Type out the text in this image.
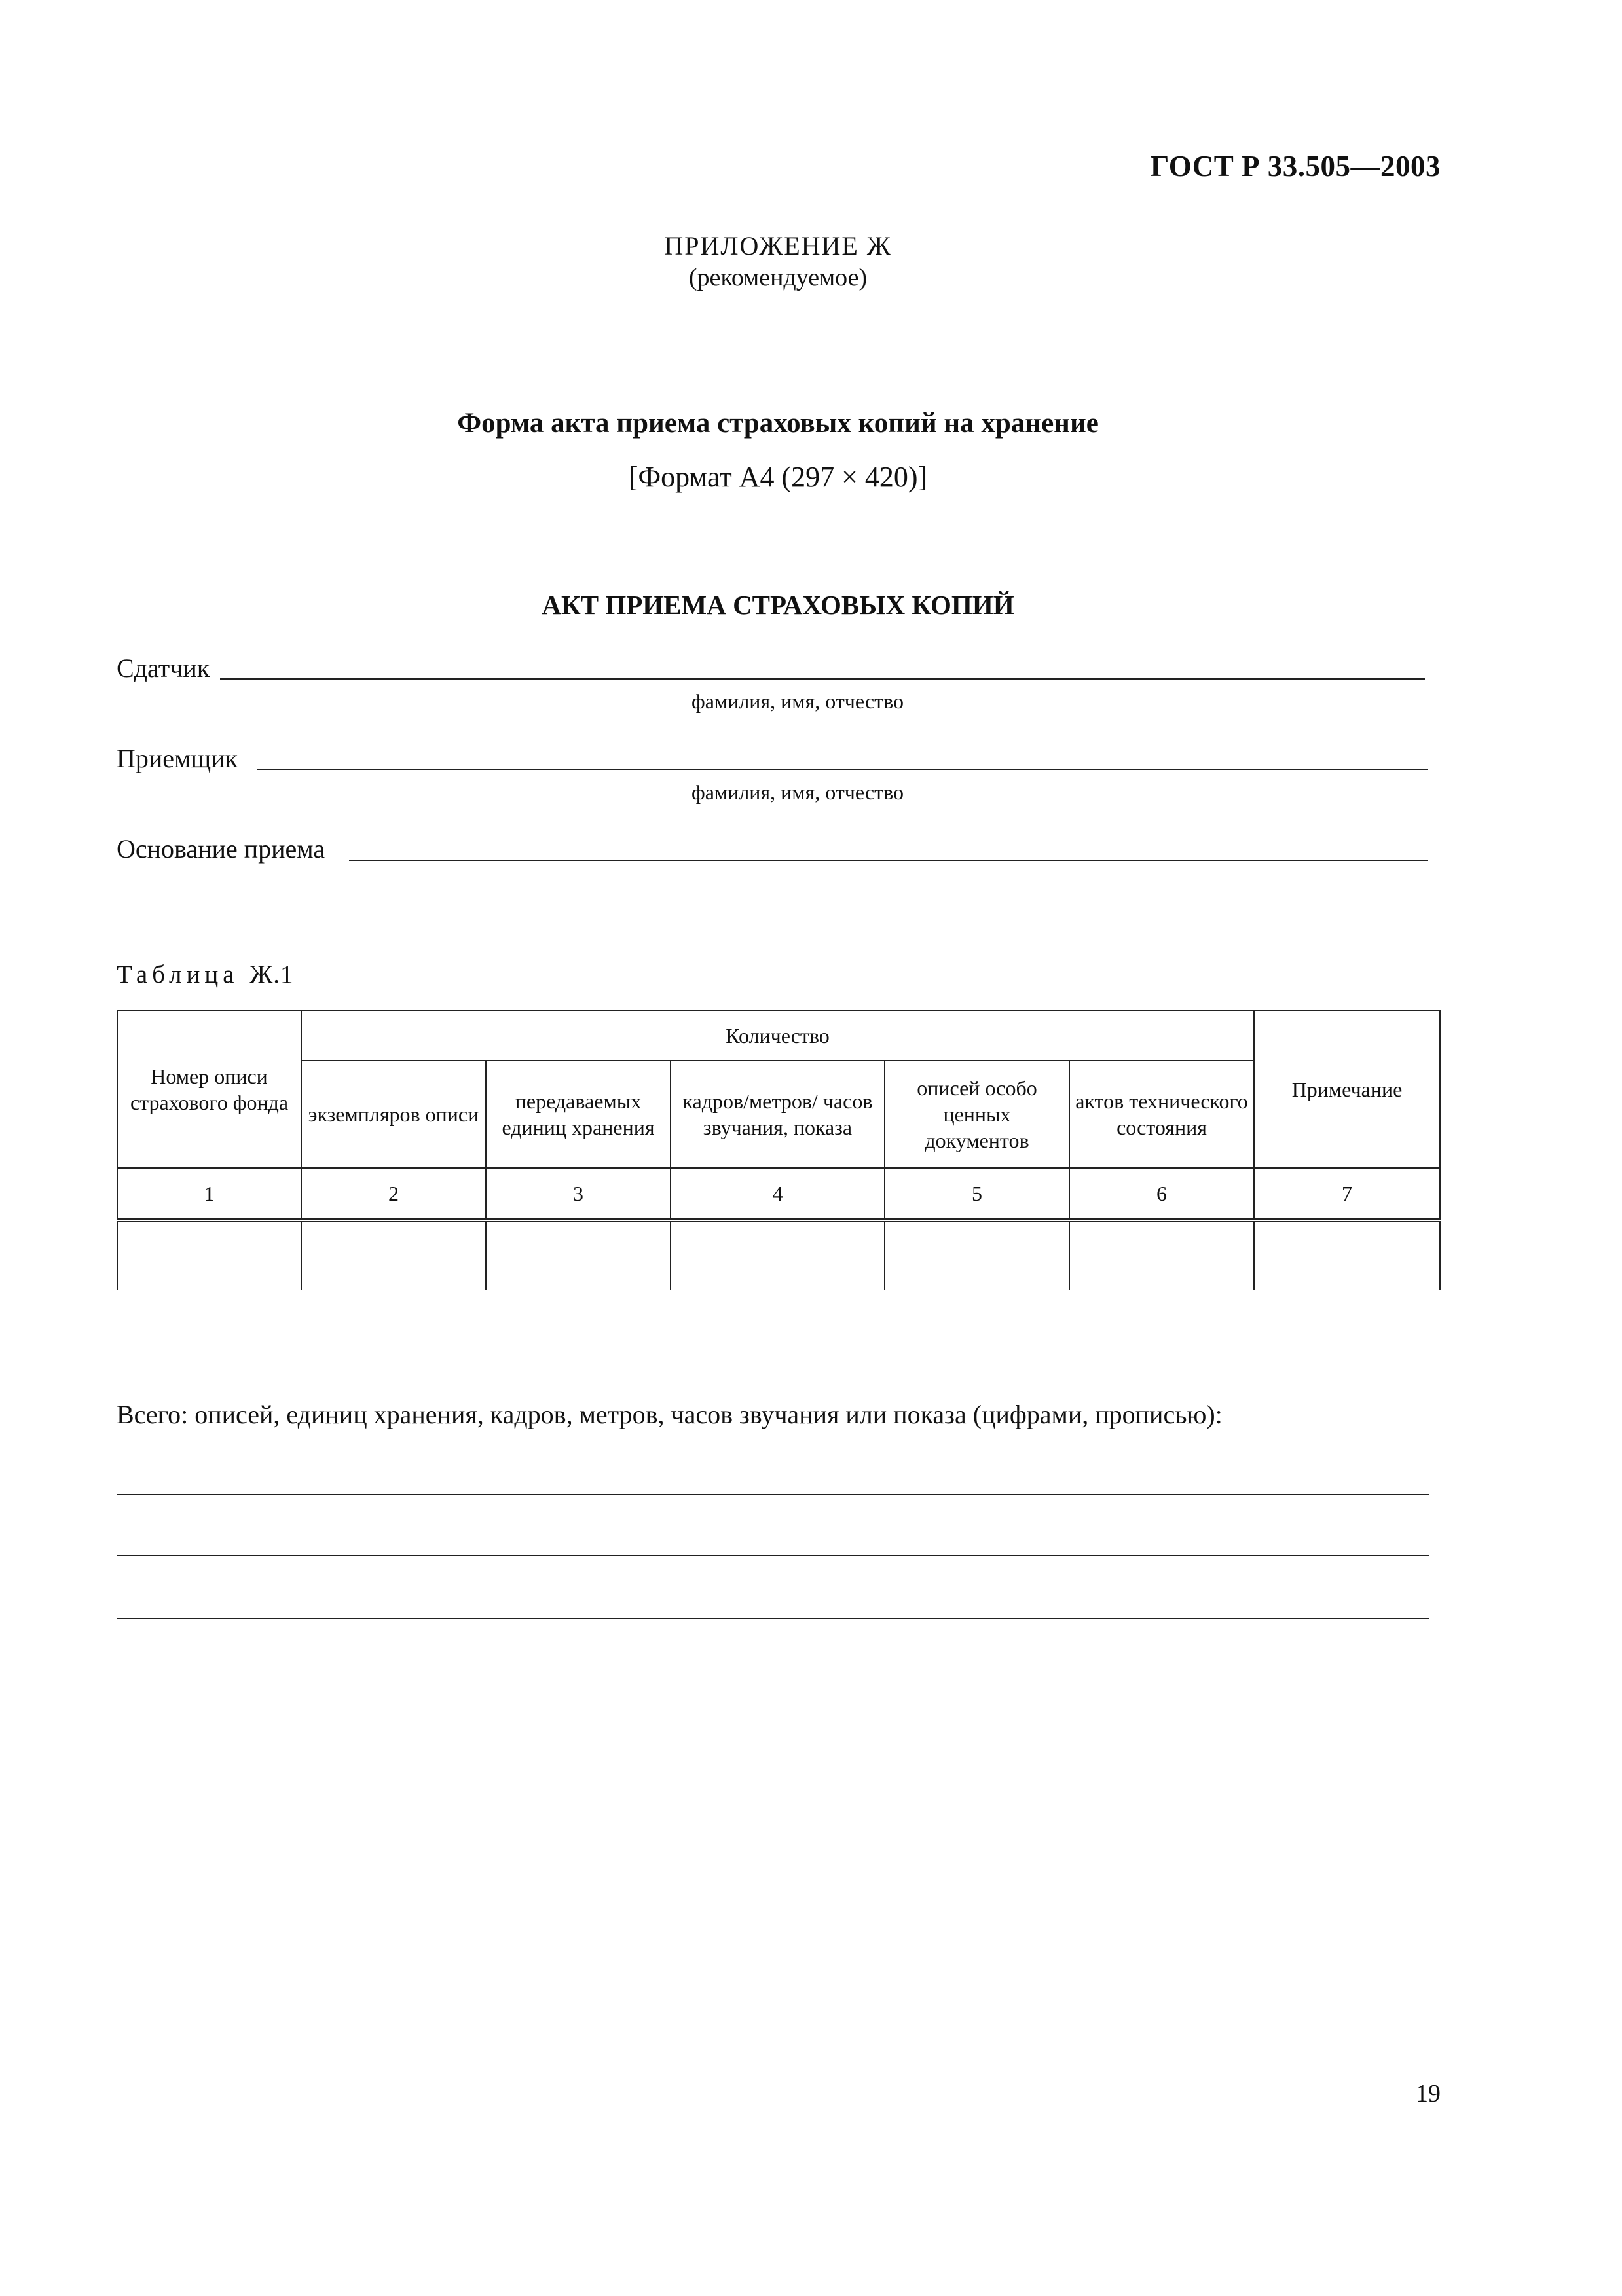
ГОСТ Р 33.505—2003
ПРИЛОЖЕНИЕ Ж
(рекомендуемое)
Форма акта приема страховых копий на хранение
[Формат А4 (297 × 420)]
АКТ ПРИЕМА СТРАХОВЫХ КОПИЙ
Сдатчик
фамилия, имя, отчество
Приемщик
фамилия, имя, отчество
Основание приема
Таблица Ж.1
Номер описи страхового фонда	Количество					Примечание
	экземпляров описи	передаваемых единиц хранения	кадров/метров/ часов звучания, показа	описей особо ценных документов	актов технического состояния	
1	2	3	4	5	6	7

Всего: описей, единиц хранения, кадров, метров, часов звучания или показа (цифрами, прописью):
19
